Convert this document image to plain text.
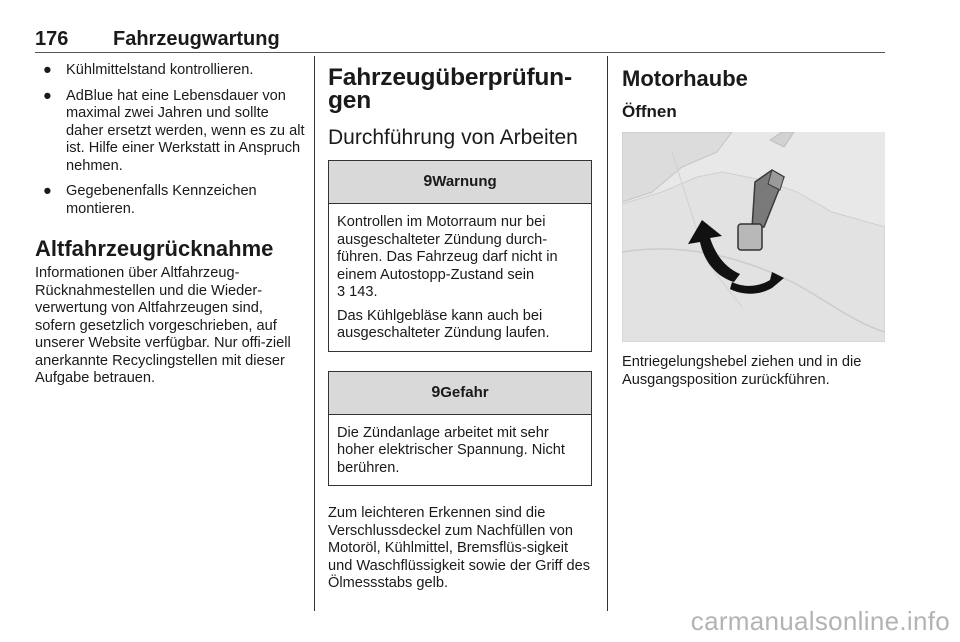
176 Fahrzeugwartung
● Kühlmittelstand kontrollieren.
● AdBlue hat eine Lebensdauer von maximal zwei Jahren und sollte daher ersetzt werden, wenn es zu alt ist. Hilfe einer Werkstatt in Anspruch nehmen.
● Gegebenenfalls Kennzeichen montieren.
Altfahrzeugrücknahme

Informationen über Altfahrzeug-Rücknahmestellen und die Wieder-verwertung von Altfahrzeugen sind, sofern gesetzlich vorgeschrieben, auf unserer Website verfügbar. Nur offi-ziell anerkannte Recyclingstellen mit dieser Aufgabe betrauen.

Fahrzeugüberprüfun-gen
Durchführung von Arbeiten
9Warnung

Kontrollen im Motorraum nur bei ausgeschalteter Zündung durch-führen. Das Fahrzeug darf nicht in einem Autostopp-Zustand sein
3 143.

Das Kühlgebläse kann auch bei ausgeschalteter Zündung laufen.

9Gefahr

Die Zündanlage arbeitet mit sehr hoher elektrischer Spannung. Nicht berühren.

Zum leichteren Erkennen sind die Verschlussdeckel zum Nachfüllen von Motoröl, Kühlmittel, Bremsflüs-sigkeit und Waschflüssigkeit sowie der Griff des Ölmessstabs gelb.

Motorhaube
Öffnen

Entriegelungshebel ziehen und in die Ausgangsposition zurückführen.

carmanualsonline.info
